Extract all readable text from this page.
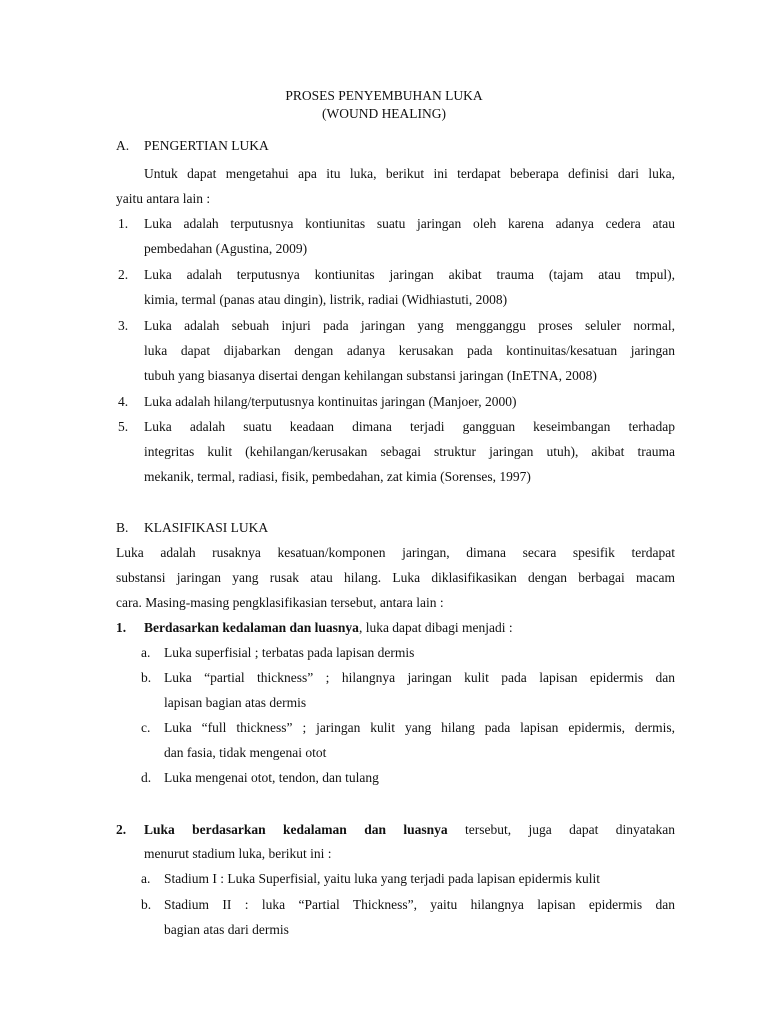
PROSES PENYEMBUHAN LUKA
(WOUND HEALING)
A. PENGERTIAN LUKA
Untuk dapat mengetahui apa itu luka, berikut ini terdapat beberapa definisi dari luka,
yaitu antara lain :
1. Luka adalah terputusnya kontiunitas suatu jaringan oleh karena adanya cedera atau
pembedahan (Agustina, 2009)
2. Luka adalah terputusnya kontiunitas jaringan akibat trauma (tajam atau tmpul),
kimia, termal (panas atau dingin), listrik, radiai (Widhiastuti, 2008)
3. Luka adalah sebuah injuri pada jaringan yang mengganggu proses seluler normal,
luka dapat dijabarkan dengan adanya kerusakan pada kontinuitas/kesatuan jaringan
tubuh yang biasanya disertai dengan kehilangan substansi jaringan (InETNA, 2008)
4. Luka adalah hilang/terputusnya kontinuitas jaringan (Manjoer, 2000)
5. Luka adalah suatu keadaan dimana terjadi gangguan keseimbangan terhadap
integritas kulit (kehilangan/kerusakan sebagai struktur jaringan utuh), akibat trauma
mekanik, termal, radiasi, fisik, pembedahan, zat kimia (Sorenses, 1997)
B. KLASIFIKASI LUKA
Luka adalah rusaknya kesatuan/komponen jaringan, dimana secara spesifik terdapat
substansi jaringan yang rusak atau hilang. Luka diklasifikasikan dengan berbagai macam
cara. Masing-masing pengklasifikasian tersebut, antara lain :
1. Berdasarkan kedalaman dan luasnya, luka dapat dibagi menjadi :
a. Luka superfisial ; terbatas pada lapisan dermis
b. Luka “partial thickness” ; hilangnya jaringan kulit pada lapisan epidermis dan
lapisan bagian atas dermis
c. Luka “full thickness” ; jaringan kulit yang hilang pada lapisan epidermis, dermis,
dan fasia, tidak mengenai otot
d. Luka mengenai otot, tendon, dan tulang
2. Luka berdasarkan kedalaman dan luasnya tersebut, juga dapat dinyatakan
menurut stadium luka, berikut ini :
a. Stadium I : Luka Superfisial, yaitu luka yang terjadi pada lapisan epidermis kulit
b. Stadium II : luka “Partial Thickness”, yaitu hilangnya lapisan epidermis dan
bagian atas dari dermis
